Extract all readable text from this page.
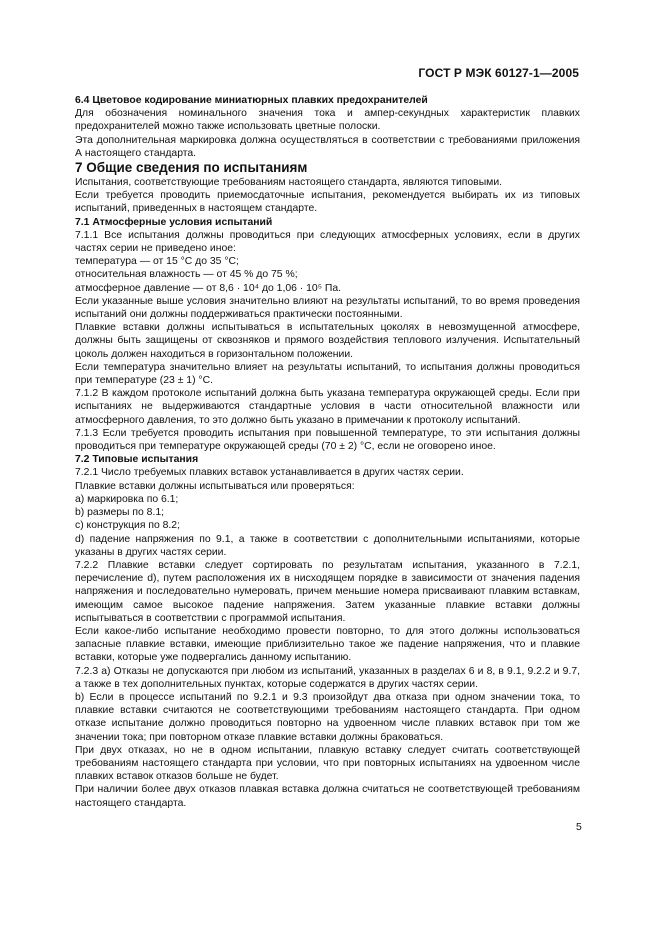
ГОСТ Р МЭК 60127-1—2005

6.4 Цветовое кодирование миниатюрных плавких предохранителей

Для обозначения номинального значения тока и ампер-секундных характеристик плавких предохранителей можно также использовать цветные полоски.

Эта дополнительная маркировка должна осуществляться в соответствии с требованиями приложения А настоящего стандарта.

7 Общие сведения по испытаниям

Испытания, соответствующие требованиям настоящего стандарта, являются типовыми.

Если требуется проводить приемосдаточные испытания, рекомендуется выбирать их из типовых испытаний, приведенных в настоящем стандарте.

7.1 Атмосферные условия испытаний

7.1.1 Все испытания должны проводиться при следующих атмосферных условиях, если в других частях серии не приведено иное:

температура — от 15 °С до 35 °С;

относительная влажность — от 45 % до 75 %;

атмосферное давление — от 8,6 · 10⁴ до 1,06 · 10⁵ Па.

Если указанные выше условия значительно влияют на результаты испытаний, то во время проведения испытаний они должны поддерживаться практически постоянными.

Плавкие вставки должны испытываться в испытательных цоколях в невозмущенной атмосфере, должны быть защищены от сквозняков и прямого воздействия теплового излучения. Испытательный цоколь должен находиться в горизонтальном положении.

Если температура значительно влияет на результаты испытаний, то испытания должны проводиться при температуре (23 ± 1) °С.

7.1.2 В каждом протоколе испытаний должна быть указана температура окружающей среды. Если при испытаниях не выдерживаются стандартные условия в части относительной влажности или атмосферного давления, то это должно быть указано в примечании к протоколу испытаний.

7.1.3 Если требуется проводить испытания при повышенной температуре, то эти испытания должны проводиться при температуре окружающей среды (70 ± 2) °С, если не оговорено иное.

7.2 Типовые испытания

7.2.1 Число требуемых плавких вставок устанавливается в других частях серии.

Плавкие вставки должны испытываться или проверяться:

a) маркировка по 6.1;

b) размеры по 8.1;

c) конструкция по 8.2;

d) падение напряжения по 9.1, а также в соответствии с дополнительными испытаниями, которые указаны в других частях серии.

7.2.2 Плавкие вставки следует сортировать по результатам испытания, указанного в 7.2.1, перечисление d), путем расположения их в нисходящем порядке в зависимости от значения падения напряжения и последовательно нумеровать, причем меньшие номера присваивают плавким вставкам, имеющим самое высокое падение напряжения. Затем указанные плавкие вставки должны испытываться в соответствии с программой испытания.

Если какое-либо испытание необходимо провести повторно, то для этого должны использоваться запасные плавкие вставки, имеющие приблизительно такое же падение напряжения, что и плавкие вставки, которые уже подвергались данному испытанию.

7.2.3 a) Отказы не допускаются при любом из испытаний, указанных в разделах 6 и 8, в 9.1, 9.2.2 и 9.7, а также в тех дополнительных пунктах, которые содержатся в других частях серии.

b) Если в процессе испытаний по 9.2.1 и 9.3 произойдут два отказа при одном значении тока, то плавкие вставки считаются не соответствующими требованиям настоящего стандарта. При одном отказе испытание должно проводиться повторно на удвоенном числе плавких вставок при том же значении тока; при повторном отказе плавкие вставки должны браковаться.

При двух отказах, но не в одном испытании, плавкую вставку следует считать соответствующей требованиям настоящего стандарта при условии, что при повторных испытаниях на удвоенном числе плавких вставок отказов больше не будет.

При наличии более двух отказов плавкая вставка должна считаться не соответствующей требованиям настоящего стандарта.

5
